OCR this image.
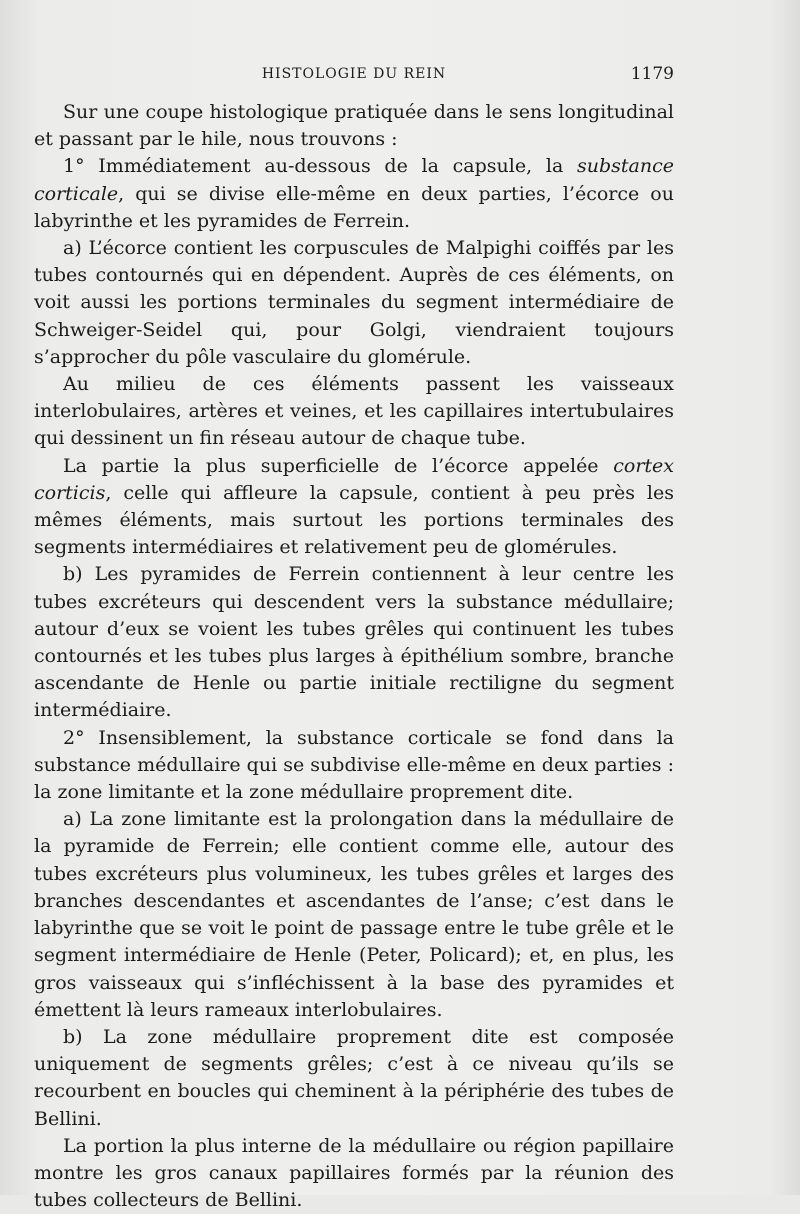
HISTOLOGIE DU REIN	1179

Sur une coupe histologique pratiquée dans le sens longitudinal et passant par le hile, nous trouvons :

1° Immédiatement au-dessous de la capsule, la substance corticale, qui se divise elle-même en deux parties, l’écorce ou labyrinthe et les pyramides de Ferrein.

a) L’écorce contient les corpuscules de Malpighi coiffés par les tubes contournés qui en dépendent. Auprès de ces éléments, on voit aussi les portions terminales du segment intermédiaire de Schweiger-Seidel qui, pour Golgi, viendraient toujours s’approcher du pôle vasculaire du glomérule.

Au milieu de ces éléments passent les vaisseaux interlobulaires, artères et veines, et les capillaires intertubulaires qui dessinent un fin réseau autour de chaque tube.

La partie la plus superficielle de l’écorce appelée cortex corticis, celle qui affleure la capsule, contient à peu près les mêmes éléments, mais surtout les portions terminales des segments intermédiaires et relativement peu de glomérules.

b) Les pyramides de Ferrein contiennent à leur centre les tubes excréteurs qui descendent vers la substance médullaire; autour d’eux se voient les tubes grêles qui continuent les tubes contournés et les tubes plus larges à épithélium sombre, branche ascendante de Henle ou partie initiale rectiligne du segment intermédiaire.

2° Insensiblement, la substance corticale se fond dans la substance médullaire qui se subdivise elle-même en deux parties : la zone limitante et la zone médullaire proprement dite.

a) La zone limitante est la prolongation dans la médullaire de la pyramide de Ferrein; elle contient comme elle, autour des tubes excréteurs plus volumineux, les tubes grêles et larges des branches descendantes et ascendantes de l’anse; c’est dans le labyrinthe que se voit le point de passage entre le tube grêle et le segment intermédiaire de Henle (Peter, Policard); et, en plus, les gros vaisseaux qui s’infléchissent à la base des pyramides et émettent là leurs rameaux interlobulaires.

b) La zone médullaire proprement dite est composée uniquement de segments grêles; c’est à ce niveau qu’ils se recourbent en boucles qui cheminent à la périphérie des tubes de Bellini.

La portion la plus interne de la médullaire ou région papillaire montre les gros canaux papillaires formés par la réunion des tubes collecteurs de Bellini.
